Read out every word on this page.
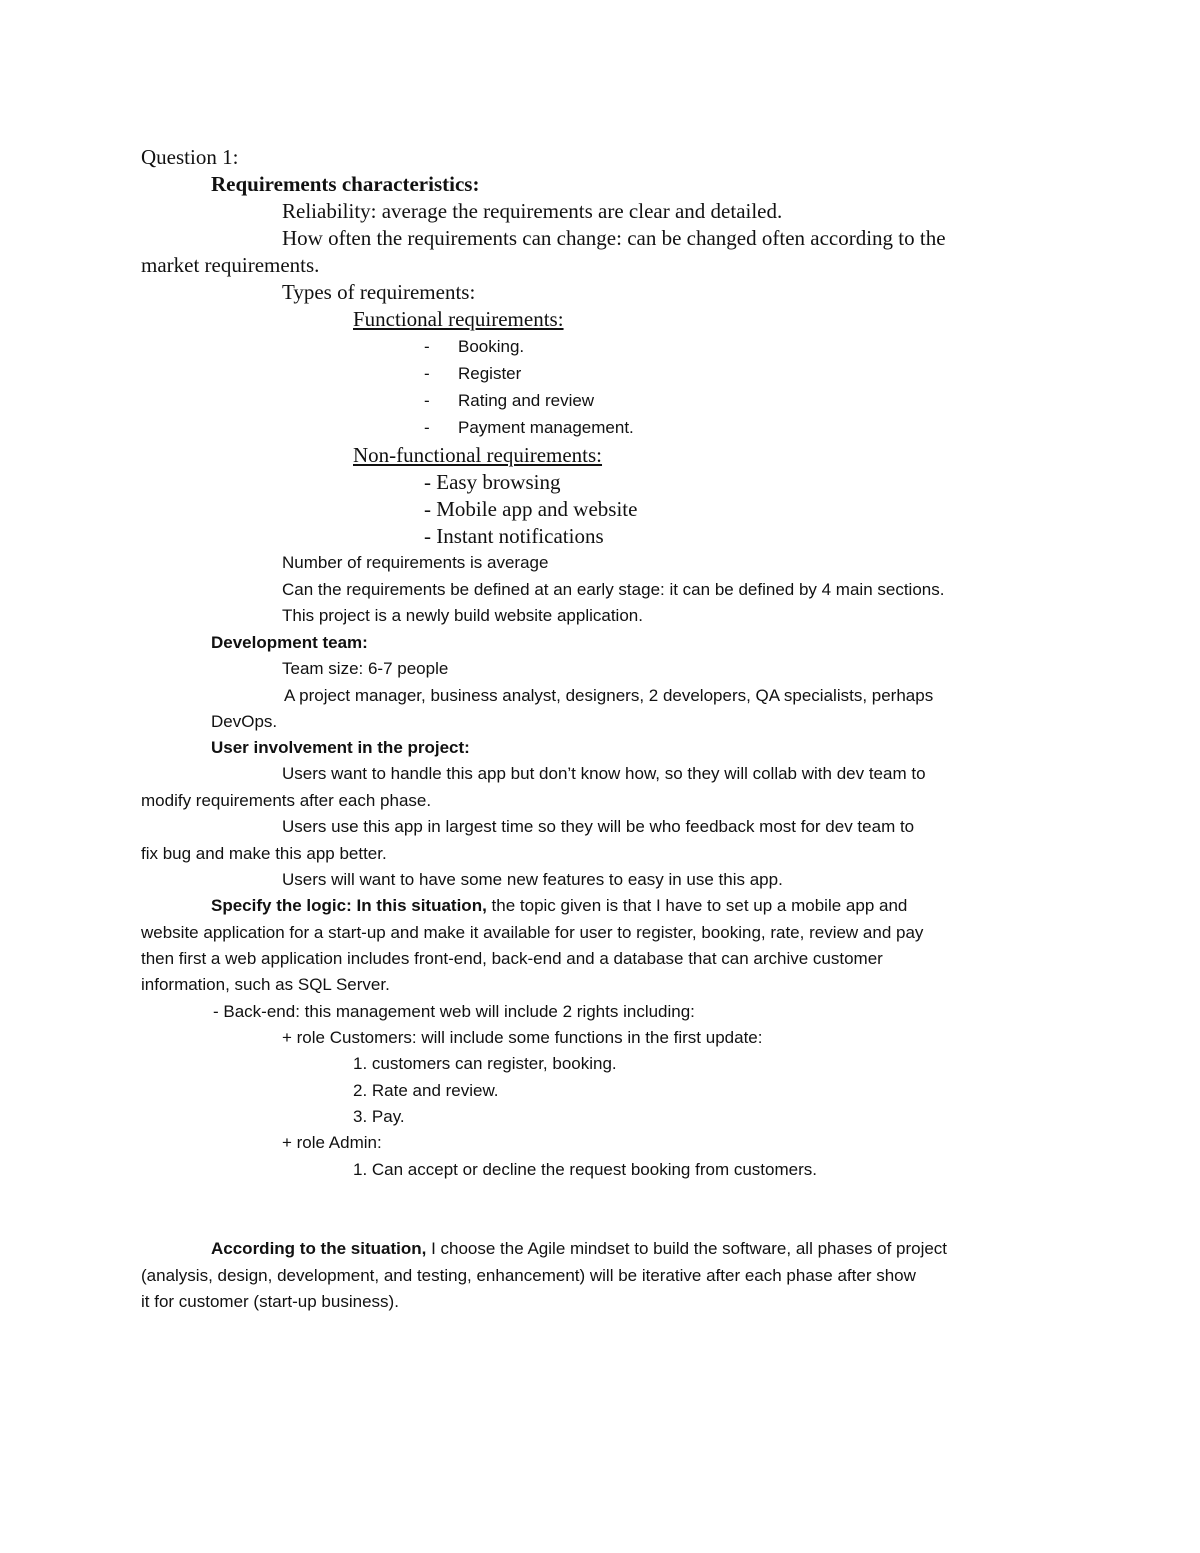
Question 1:
Requirements characteristics:
Reliability: average the requirements are clear and detailed.
How often the requirements can change: can be changed often according to the
market requirements.
Types of requirements:
Functional requirements:
- Booking.
- Register
- Rating and review
- Payment management.
Non-functional requirements:
- Easy browsing
- Mobile app and website
- Instant notifications
Number of requirements is average
Can the requirements be defined at an early stage: it can be defined by 4 main sections.
This project is a newly build website application.
Development team:
Team size: 6-7 people
A project manager, business analyst, designers, 2 developers, QA specialists, perhaps
DevOps.
User involvement in the project:
Users want to handle this app but don’t know how, so they will collab with dev team to
modify requirements after each phase.
Users use this app in largest time so they will be who feedback most for dev team to
fix bug and make this app better.
Users will want to have some new features to easy in use this app.
Specify the logic: In this situation, the topic given is that I have to set up a mobile app and
website application for a start-up and make it available for user to register, booking, rate, review and pay
then first a web application includes front-end, back-end and a database that can archive customer
information, such as SQL Server.
- Back-end: this management web will include 2 rights including:
+ role Customers: will include some functions in the first update:
1. customers can register, booking.
2. Rate and review.
3. Pay.
+ role Admin:
1. Can accept or decline the request booking from customers.
According to the situation, I choose the Agile mindset to build the software, all phases of project
(analysis, design, development, and testing, enhancement) will be iterative after each phase after show
it for customer (start-up business).
